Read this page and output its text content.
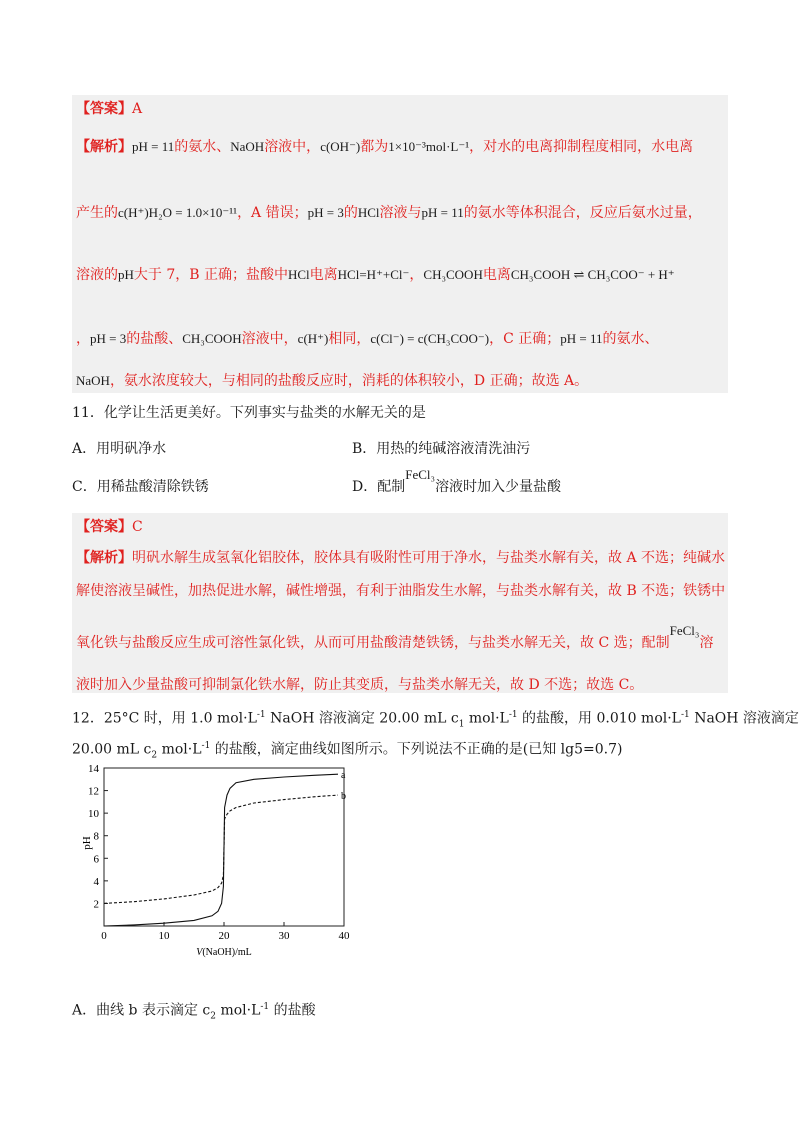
【答案】A
【解析】pH = 11的氨水、NaOH溶液中，c(OH⁻)都为1×10⁻³mol·L⁻¹，对水的电离抑制程度相同，水电离
产生的c(H⁺)H₂O = 1.0×10⁻¹¹，A 错误；pH = 3的HCl溶液与pH = 11的氨水等体积混合，反应后氨水过量，
溶液的pH大于 7，B 正确；盐酸中HCl电离HCl=H⁺+Cl⁻，CH₃COOH电离CH₃COOH ⇌ CH₃COO⁻ + H⁺
，pH = 3的盐酸、CH₃COOH溶液中，c(H⁺)相同，c(Cl⁻) = c(CH₃COO⁻)，C 正确；pH = 11的氨水、
NaOH，氨水浓度较大，与相同的盐酸反应时，消耗的体积较小，D 正确；故选 A。
11．化学让生活更美好。下列事实与盐类的水解无关的是
A．用明矾净水	B．用热的纯碱溶液清洗油污
C．用稀盐酸清除铁锈	D．配制FeCl₃溶液时加入少量盐酸
【答案】C
【解析】明矾水解生成氢氧化铝胶体，胶体具有吸附性可用于净水，与盐类水解有关，故 A 不选；纯碱水
解使溶液呈碱性，加热促进水解，碱性增强，有利于油脂发生水解，与盐类水解有关，故 B 不选；铁锈中
氧化铁与盐酸反应生成可溶性氯化铁，从而可用盐酸清楚铁锈，与盐类水解无关，故 C 选；配制FeCl₃溶
液时加入少量盐酸可抑制氯化铁水解，防止其变质，与盐类水解无关，故 D 不选；故选 C。
12．25°C 时，用 1.0 $mol\cdot L^{-1}$ NaOH 溶液滴定 20.00 mL $c_1$ $mol\cdot L^{-1}$ 的盐酸，用 0.010 $mol\cdot L^{-1}$ NaOH 溶液滴定
20.00 mL $c_2$ $mol\cdot L^{-1}$ 的盐酸，滴定曲线如图所示。下列说法不正确的是(已知 lg5=0.7)
0	10	20	30	40
2
4
6
8
10
12
14
a
b
pH
V(NaOH)/mL
A．曲线 b 表示滴定 $c_2$ $mol\cdot L^{-1}$ 的盐酸
